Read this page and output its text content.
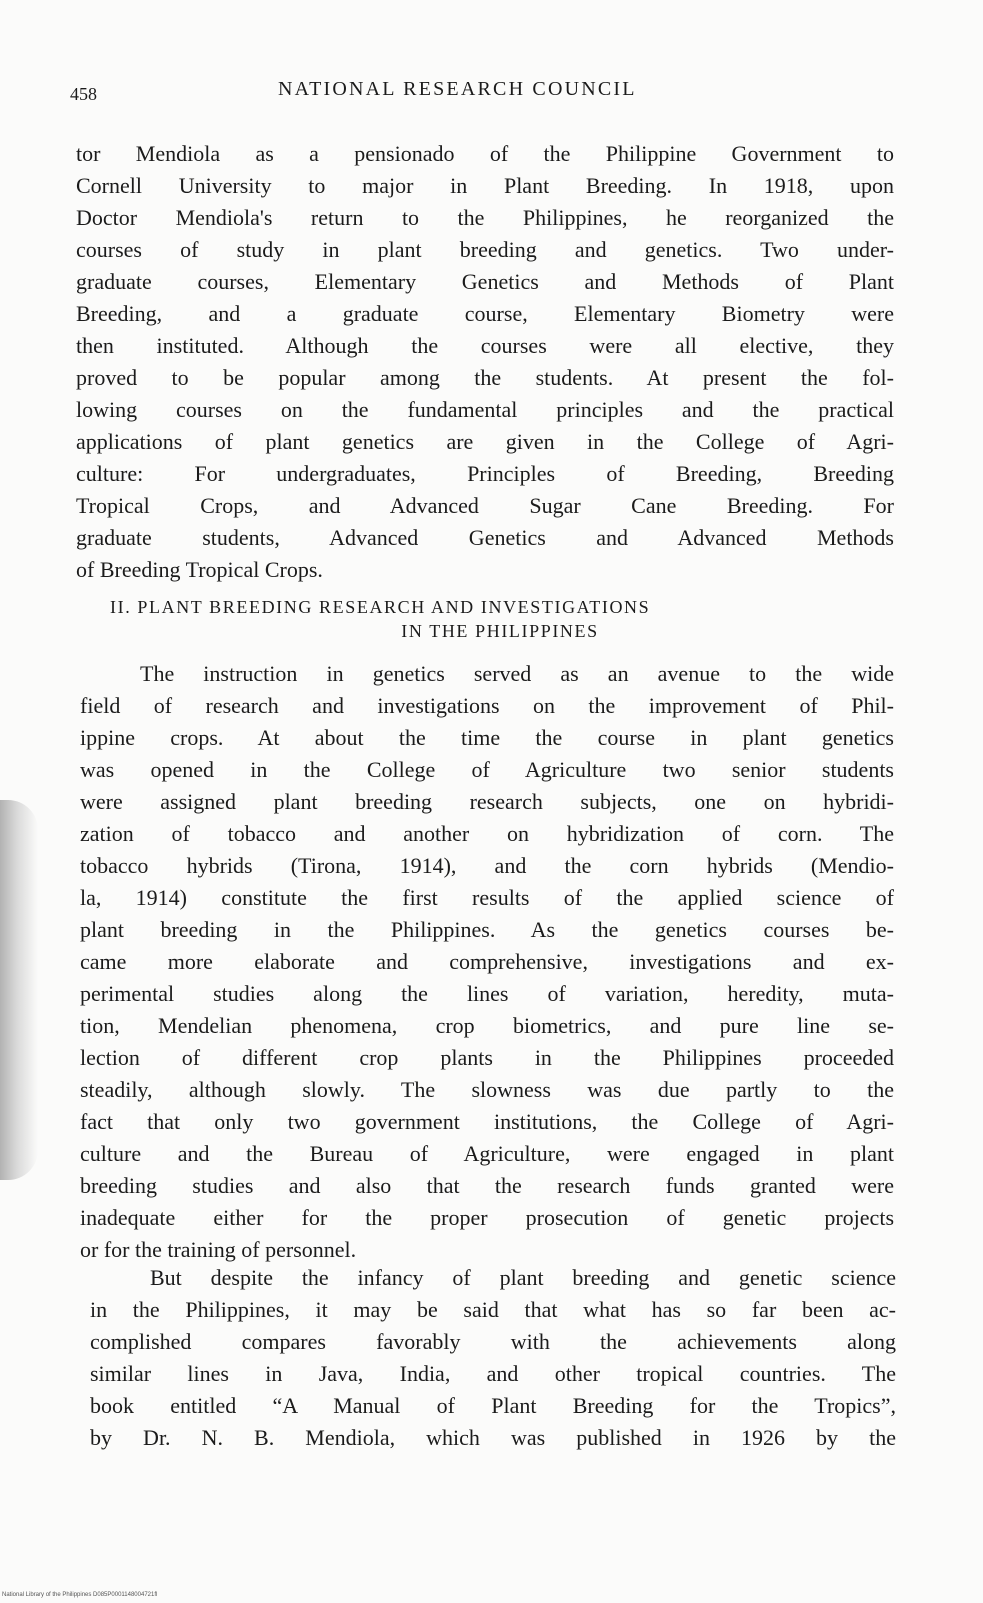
458	NATIONAL RESEARCH COUNCIL
tor Mendiola as a pensionado of the Philippine Government to
Cornell University to major in Plant Breeding. In 1918, upon
Doctor Mendiola's return to the Philippines, he reorganized the
courses of study in plant breeding and genetics. Two under-
graduate courses, Elementary Genetics and Methods of Plant
Breeding, and a graduate course, Elementary Biometry were
then instituted. Although the courses were all elective, they
proved to be popular among the students. At present the fol-
lowing courses on the fundamental principles and the practical
applications of plant genetics are given in the College of Agri-
culture: For undergraduates, Principles of Breeding, Breeding
Tropical Crops, and Advanced Sugar Cane Breeding. For
graduate students, Advanced Genetics and Advanced Methods
of Breeding Tropical Crops.
II. PLANT BREEDING RESEARCH AND INVESTIGATIONS
IN THE PHILIPPINES
The instruction in genetics served as an avenue to the wide
field of research and investigations on the improvement of Phil-
ippine crops. At about the time the course in plant genetics
was opened in the College of Agriculture two senior students
were assigned plant breeding research subjects, one on hybridi-
zation of tobacco and another on hybridization of corn. The
tobacco hybrids (Tirona, 1914), and the corn hybrids (Mendio-
la, 1914) constitute the first results of the applied science of
plant breeding in the Philippines. As the genetics courses be-
came more elaborate and comprehensive, investigations and ex-
perimental studies along the lines of variation, heredity, muta-
tion, Mendelian phenomena, crop biometrics, and pure line se-
lection of different crop plants in the Philippines proceeded
steadily, although slowly. The slowness was due partly to the
fact that only two government institutions, the College of Agri-
culture and the Bureau of Agriculture, were engaged in plant
breeding studies and also that the research funds granted were
inadequate either for the proper prosecution of genetic projects
or for the training of personnel.
But despite the infancy of plant breeding and genetic science
in the Philippines, it may be said that what has so far been ac-
complished compares favorably with the achievements along
similar lines in Java, India, and other tropical countries. The
book entitled “A Manual of Plant Breeding for the Tropics”,
by Dr. N. B. Mendiola, which was published in 1926 by the
National Library of the Philippines D085P0001148004721fl
